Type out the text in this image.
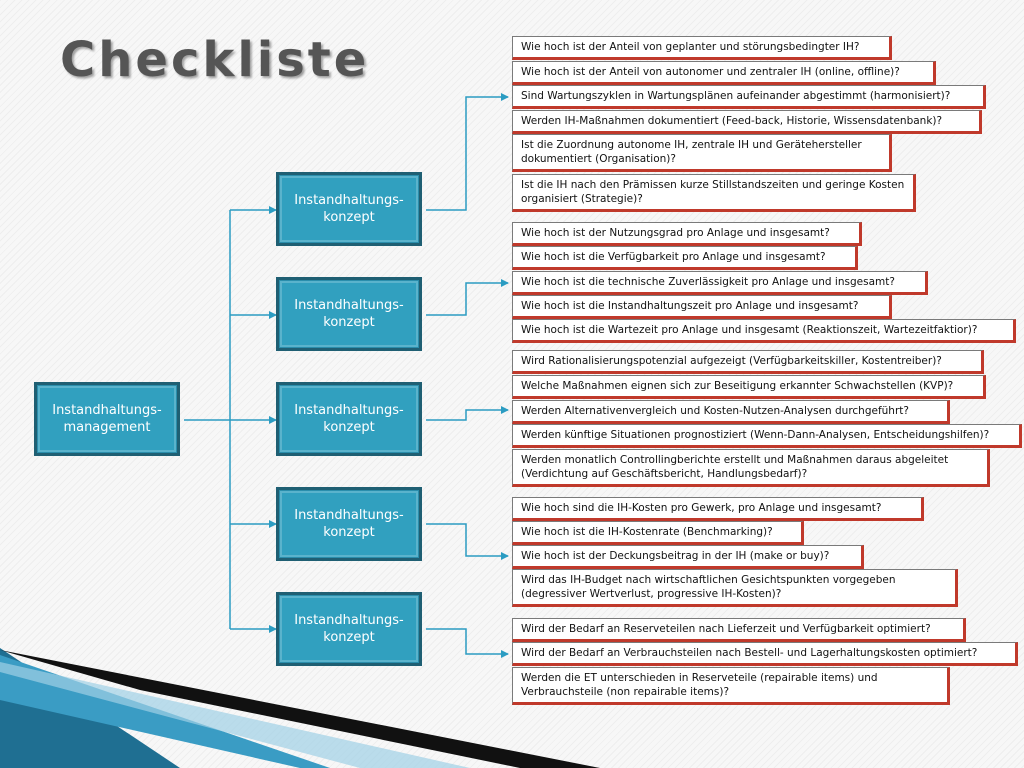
Checkliste
Instandhaltungs-
management
Instandhaltungs-
konzept
Instandhaltungs-
konzept
Instandhaltungs-
konzept
Instandhaltungs-
konzept
Instandhaltungs-
konzept
Wie hoch ist der Anteil von geplanter und störungsbedingter IH?
Wie hoch ist der Anteil von autonomer und zentraler IH (online, offline)?
Sind Wartungszyklen in Wartungsplänen aufeinander abgestimmt (harmonisiert)?
Werden IH-Maßnahmen dokumentiert (Feed-back, Historie, Wissensdatenbank)?
Ist die Zuordnung autonome IH, zentrale IH und Gerätehersteller dokumentiert (Organisation)?
Ist die IH nach den Prämissen kurze Stillstandszeiten und geringe Kosten organisiert (Strategie)?
Wie hoch ist der Nutzungsgrad pro Anlage und insgesamt?
Wie hoch ist die Verfügbarkeit pro Anlage und insgesamt?
Wie hoch ist die technische Zuverlässigkeit pro Anlage und insgesamt?
Wie hoch ist die Instandhaltungszeit pro Anlage und insgesamt?
Wie hoch ist die Wartezeit pro Anlage und insgesamt (Reaktionszeit, Wartezeitfaktior)?
Wird Rationalisierungspotenzial aufgezeigt (Verfügbarkeitskiller, Kostentreiber)?
Welche Maßnahmen eignen sich zur Beseitigung erkannter Schwachstellen (KVP)?
Werden Alternativenvergleich und Kosten-Nutzen-Analysen durchgeführt?
Werden künftige Situationen prognostiziert (Wenn-Dann-Analysen, Entscheidungshilfen)?
Werden monatlich Controllingberichte erstellt und Maßnahmen daraus abgeleitet (Verdichtung auf Geschäftsbericht, Handlungsbedarf)?
Wie hoch sind die IH-Kosten pro Gewerk, pro Anlage und insgesamt?
Wie hoch ist die IH-Kostenrate (Benchmarking)?
Wie hoch ist der Deckungsbeitrag in der IH (make or buy)?
Wird das IH-Budget nach wirtschaftlichen Gesichtspunkten vorgegeben (degressiver Wertverlust, progressive IH-Kosten)?
Wird der Bedarf an Reserveteilen nach Lieferzeit und Verfügbarkeit optimiert?
Wird der Bedarf an Verbrauchsteilen nach Bestell- und Lagerhaltungskosten optimiert?
Werden die ET unterschieden in Reserveteile (repairable items) und Verbrauchsteile (non repairable items)?
